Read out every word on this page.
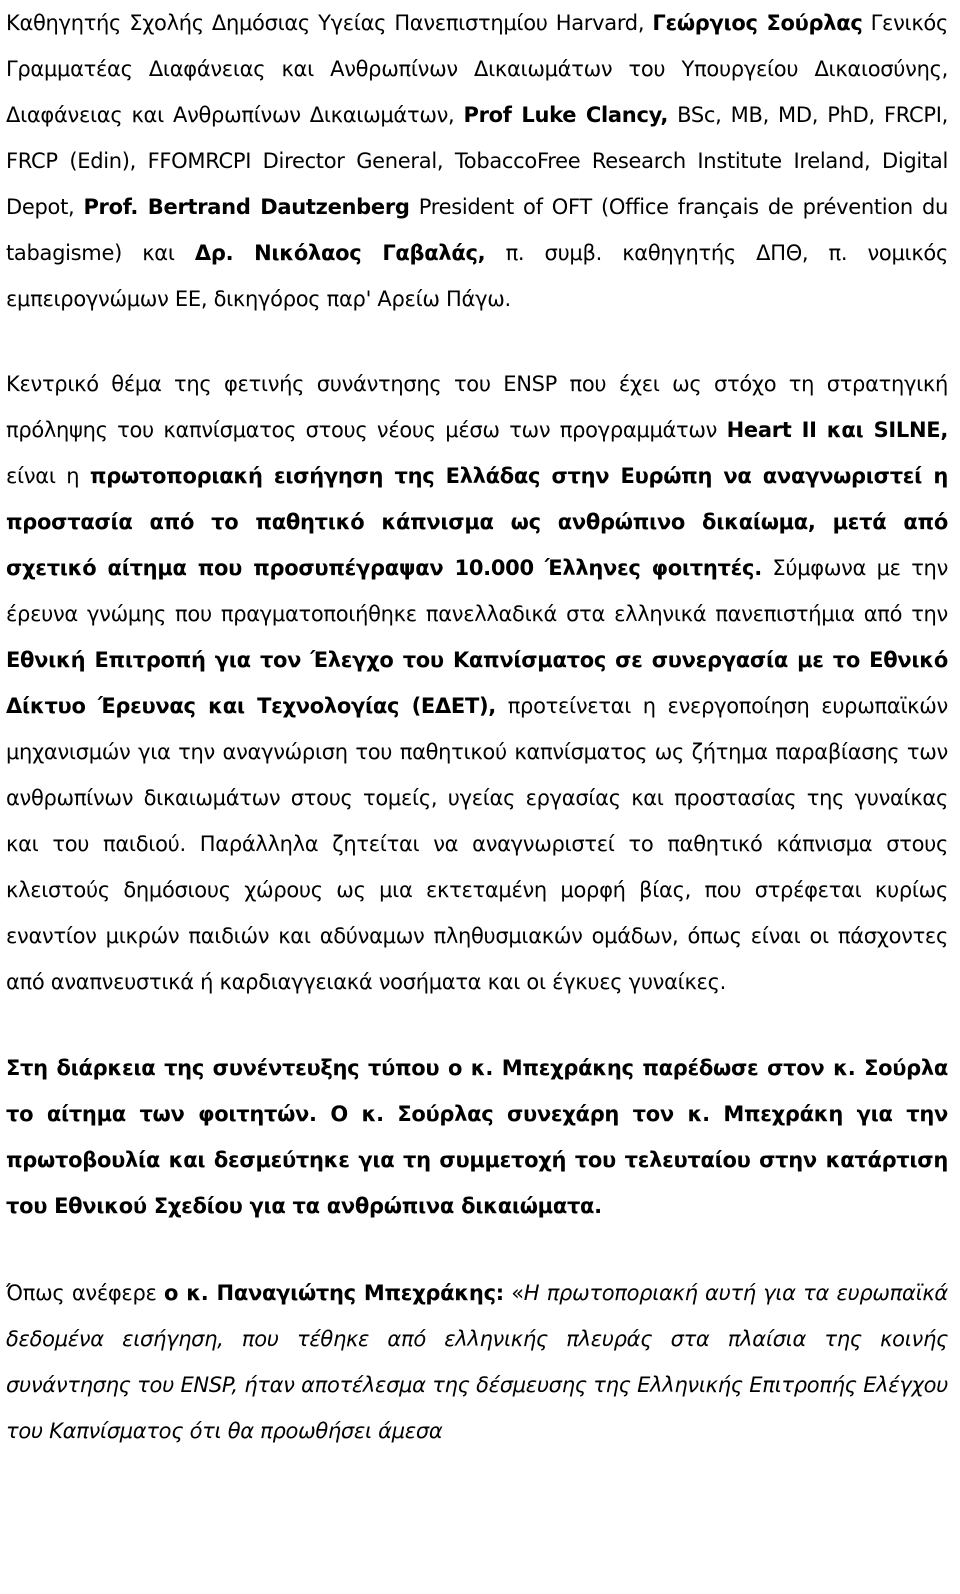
Καθηγητής Σχολής Δημόσιας Υγείας Πανεπιστημίου Harvard, Γεώργιος Σούρλας Γενικός Γραμματέας Διαφάνειας και Ανθρωπίνων Δικαιωμάτων του Υπουργείου Δικαιοσύνης, Διαφάνειας και Ανθρωπίνων Δικαιωμάτων, Prof Luke Clancy, BSc, MB, MD, PhD, FRCPI, FRCP (Edin), FFOMRCPI Director General, TobaccoFree Research Institute Ireland, Digital Depot, Prof. Bertrand Dautzenberg President of OFT (Office français de prévention du tabagisme) και Δρ. Νικόλαος Γαβαλάς, π. συμβ. καθηγητής ΔΠΘ, π. νομικός εμπειρογνώμων ΕΕ, δικηγόρος παρ' Αρείω Πάγω.

Κεντρικό θέμα της φετινής συνάντησης του ENSP που έχει ως στόχο τη στρατηγική πρόληψης του καπνίσματος στους νέους μέσω των προγραμμάτων Heart II και SILNE, είναι η πρωτοποριακή εισήγηση της Ελλάδας στην Ευρώπη να αναγνωριστεί η προστασία από το παθητικό κάπνισμα ως ανθρώπινο δικαίωμα, μετά από σχετικό αίτημα που προσυπέγραψαν 10.000 Έλληνες φοιτητές. Σύμφωνα με την έρευνα γνώμης που πραγματοποιήθηκε πανελλαδικά στα ελληνικά πανεπιστήμια από την Εθνική Επιτροπή για τον Έλεγχο του Καπνίσματος σε συνεργασία με το Εθνικό Δίκτυο Έρευνας και Τεχνολογίας (ΕΔΕΤ), προτείνεται η ενεργοποίηση ευρωπαϊκών μηχανισμών για την αναγνώριση του παθητικού καπνίσματος ως ζήτημα παραβίασης των ανθρωπίνων δικαιωμάτων στους τομείς, υγείας εργασίας και προστασίας της γυναίκας και του παιδιού. Παράλληλα ζητείται να αναγνωριστεί το παθητικό κάπνισμα στους κλειστούς δημόσιους χώρους ως μια εκτεταμένη μορφή βίας, που στρέφεται κυρίως εναντίον μικρών παιδιών και αδύναμων πληθυσμιακών ομάδων, όπως είναι οι πάσχοντες από αναπνευστικά ή καρδιαγγειακά νοσήματα και οι έγκυες γυναίκες.

Στη διάρκεια της συνέντευξης τύπου ο κ. Μπεχράκης παρέδωσε στον κ. Σούρλα το αίτημα των φοιτητών. Ο κ. Σούρλας συνεχάρη τον κ. Μπεχράκη για την πρωτοβουλία και δεσμεύτηκε για τη συμμετοχή του τελευταίου στην κατάρτιση του Εθνικού Σχεδίου για τα ανθρώπινα δικαιώματα.

Όπως ανέφερε ο κ. Παναγιώτης Μπεχράκης: «Η πρωτοποριακή αυτή για τα ευρωπαϊκά δεδομένα εισήγηση, που τέθηκε από ελληνικής πλευράς στα πλαίσια της κοινής συνάντησης του ENSP, ήταν αποτέλεσμα της δέσμευσης της Ελληνικής Επιτροπής Ελέγχου του Καπνίσματος ότι θα προωθήσει άμεσα
